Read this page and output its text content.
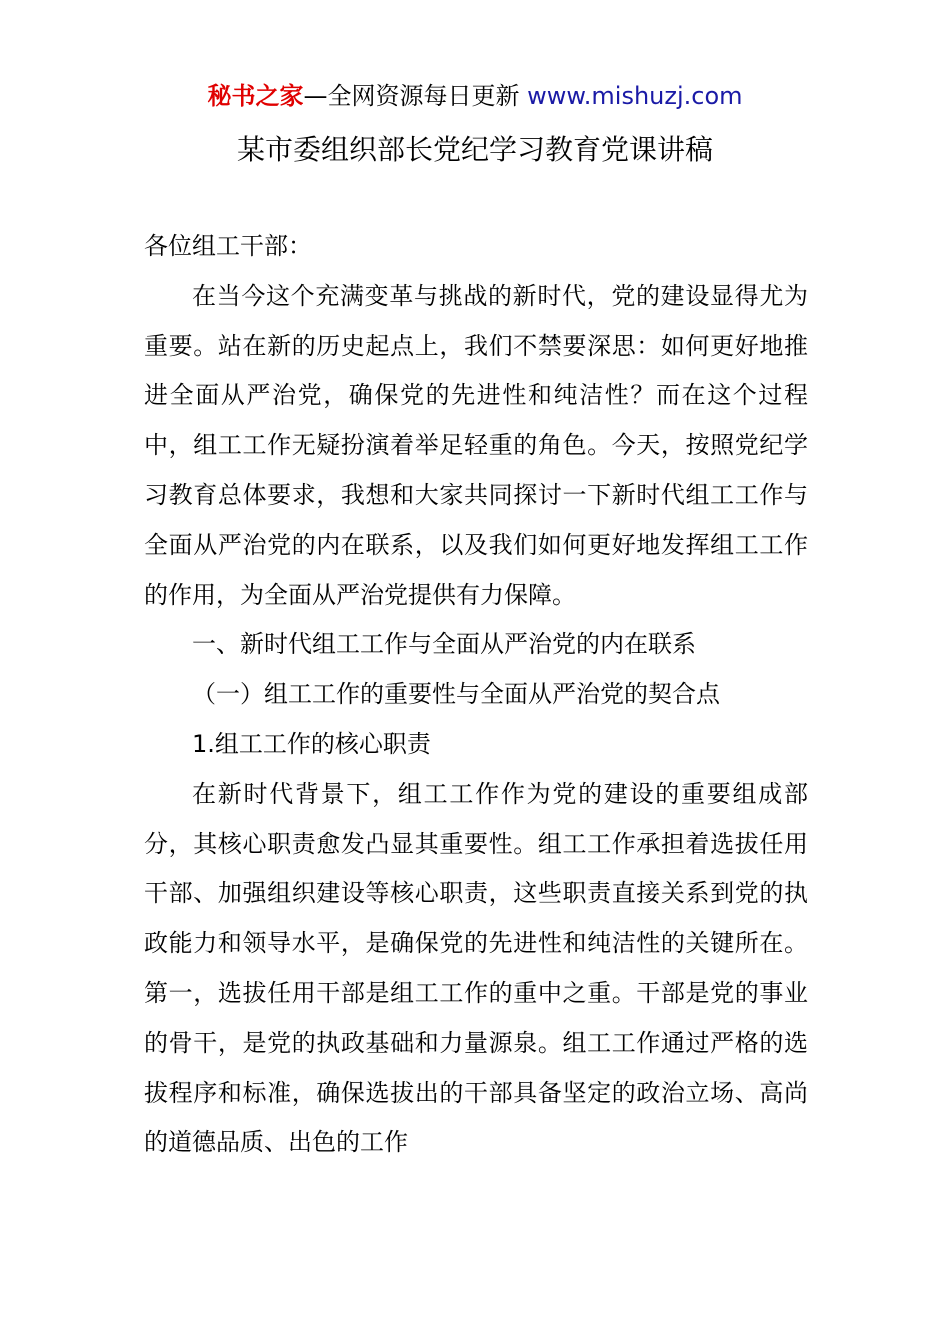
秘书之家—全网资源每日更新 www.mishuzj.com
某市委组织部长党纪学习教育党课讲稿

各位组工干部：

在当今这个充满变革与挑战的新时代，党的建设显得尤为重要。站在新的历史起点上，我们不禁要深思：如何更好地推进全面从严治党，确保党的先进性和纯洁性？而在这个过程中，组工工作无疑扮演着举足轻重的角色。今天，按照党纪学习教育总体要求，我想和大家共同探讨一下新时代组工工作与全面从严治党的内在联系，以及我们如何更好地发挥组工工作的作用，为全面从严治党提供有力保障。

一、新时代组工工作与全面从严治党的内在联系

（一）组工工作的重要性与全面从严治党的契合点

1.组工工作的核心职责

在新时代背景下，组工工作作为党的建设的重要组成部分，其核心职责愈发凸显其重要性。组工工作承担着选拔任用干部、加强组织建设等核心职责，这些职责直接关系到党的执政能力和领导水平，是确保党的先进性和纯洁性的关键所在。第一，选拔任用干部是组工工作的重中之重。干部是党的事业的骨干，是党的执政基础和力量源泉。组工工作通过严格的选拔程序和标准，确保选拔出的干部具备坚定的政治立场、高尚的道德品质、出色的工作
